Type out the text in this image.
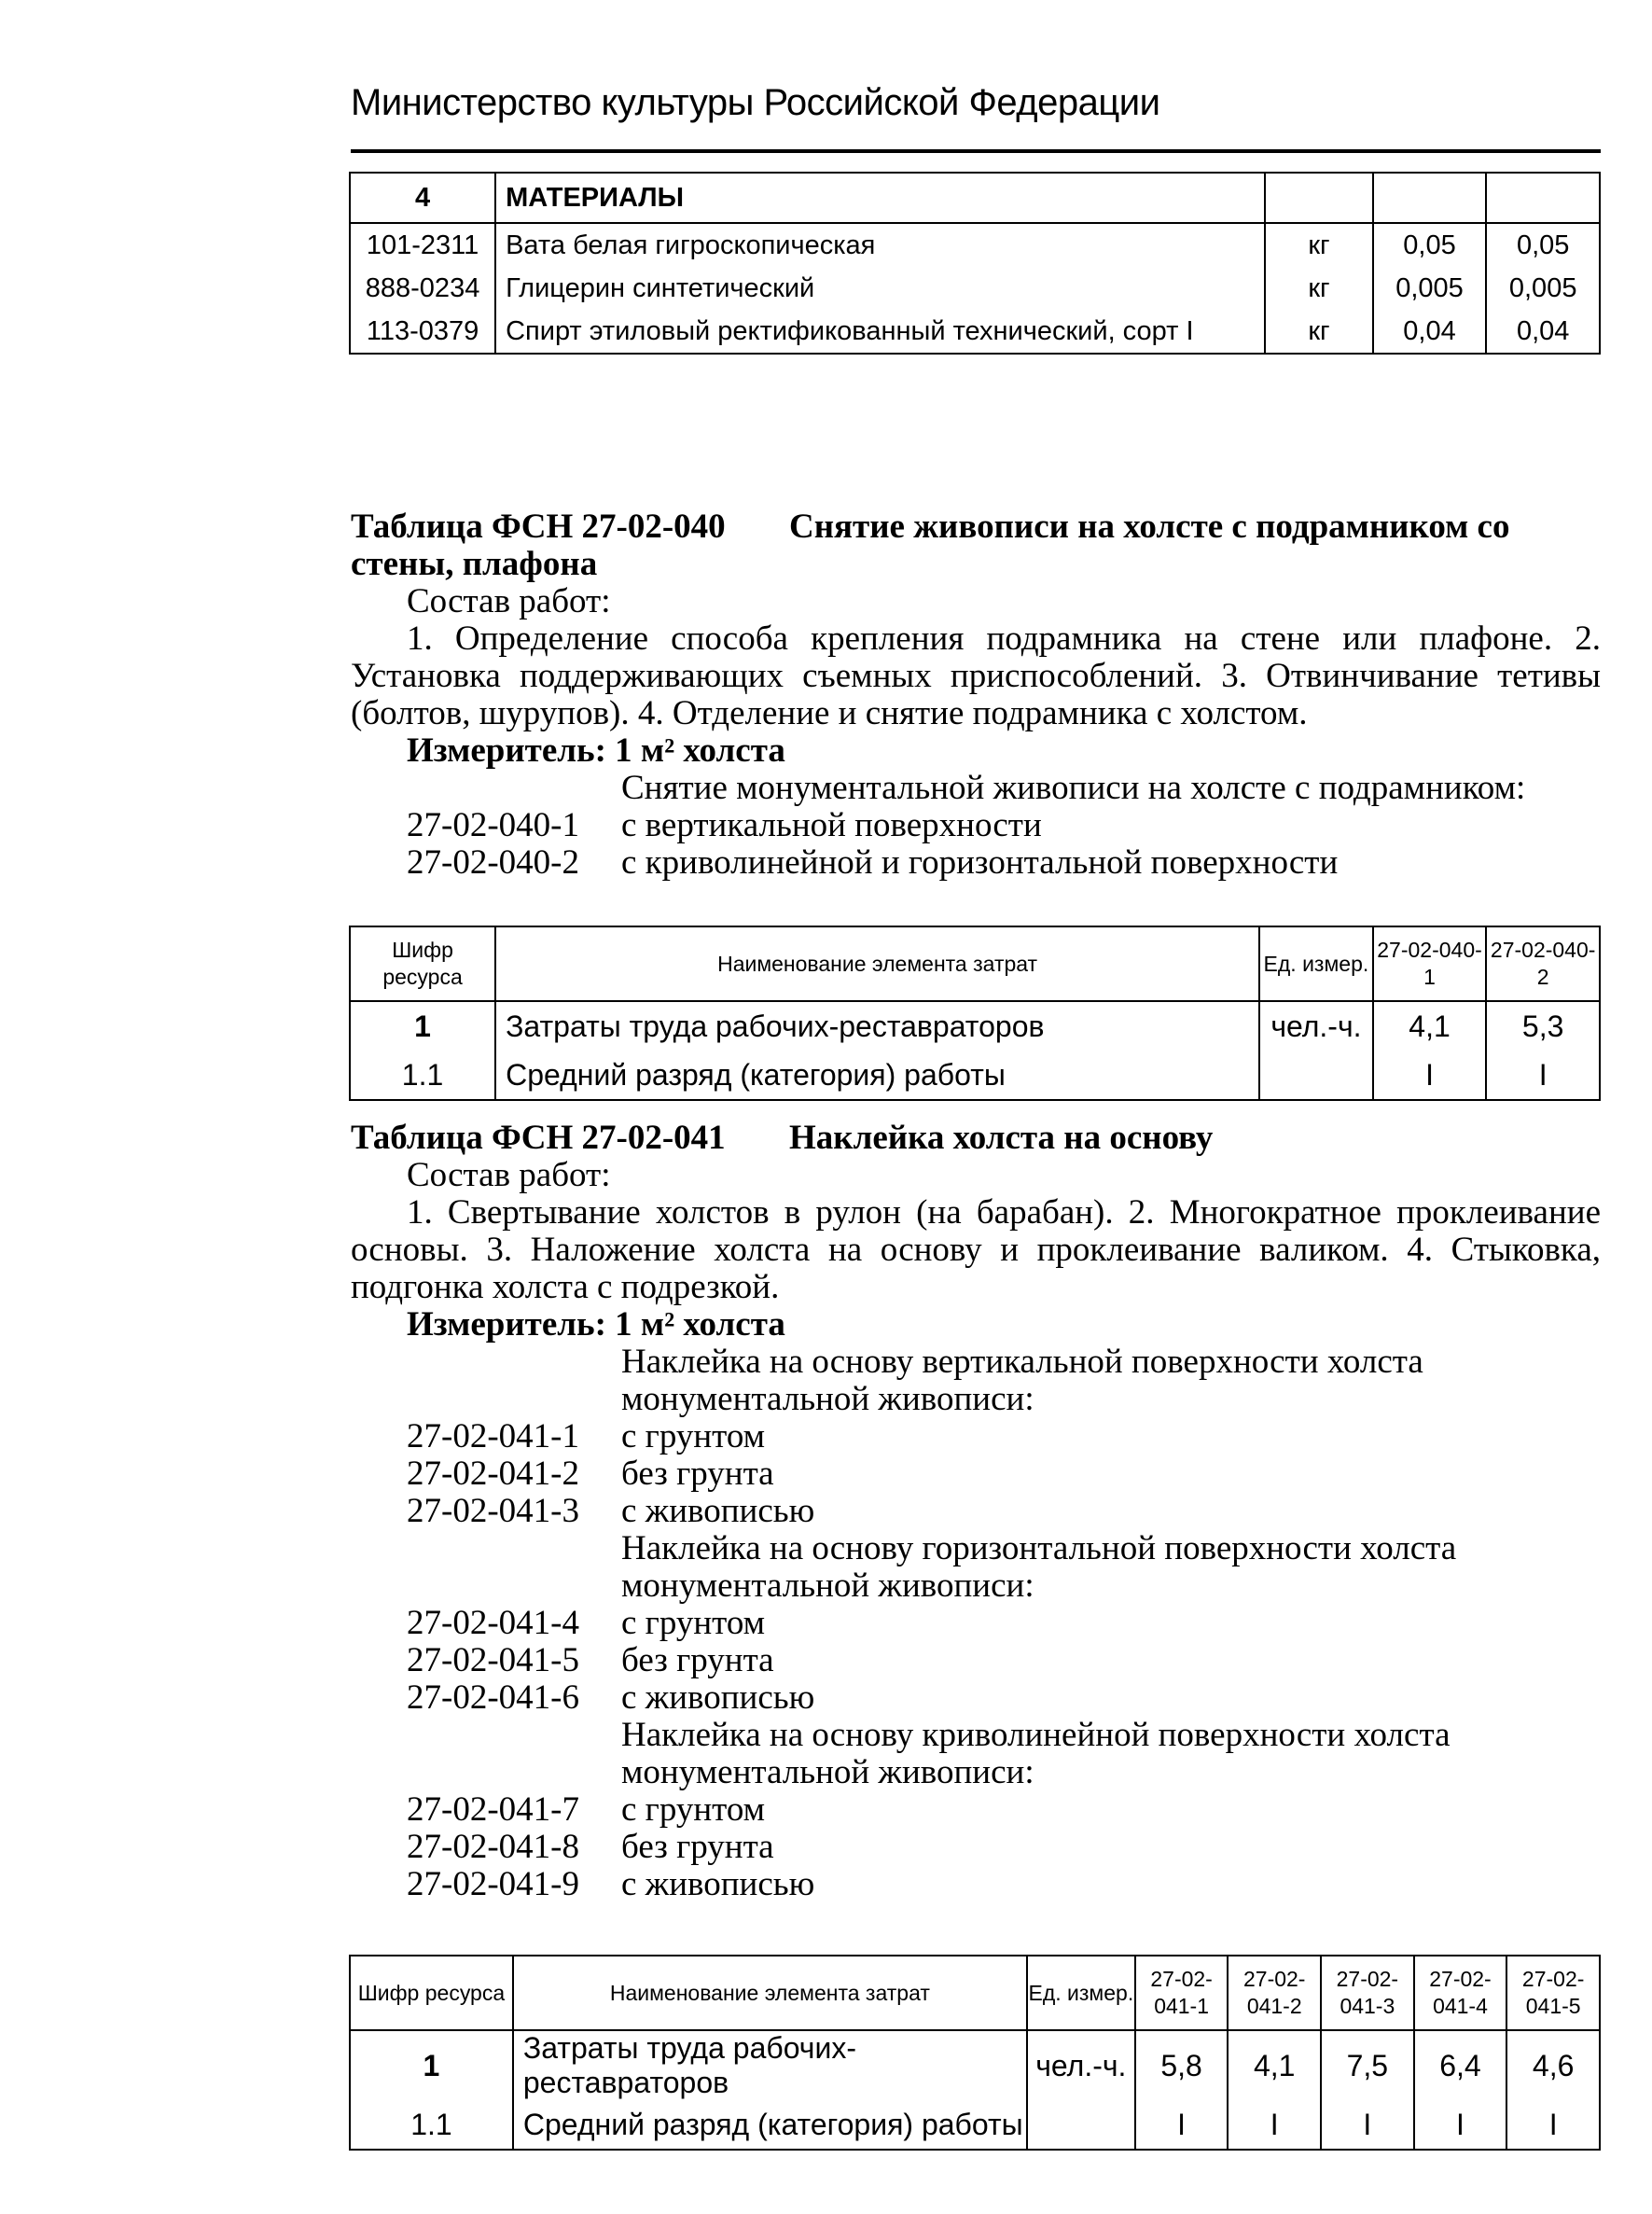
Министерство культуры Российской Федерации
4	МАТЕРИАЛЫ			
101-2311	Вата белая гигроскопическая	кг	0,05	0,05
888-0234	Глицерин синтетический	кг	0,005	0,005
113-0379	Спирт этиловый ректификованный технический, сорт I	кг	0,04	0,04

Таблица ФСН 27-02-040 Снятие живописи на холсте с подрамником со стены, плафона

Состав работ:

1. Определение способа крепления подрамника на стене или плафоне. 2. Установка поддерживающих съемных приспособлений. 3. Отвинчивание тетивы (болтов, шурупов). 4. Отделение и снятие подрамника с холстом.

Измеритель: 1 м² холста

Снятие монументальной живописи на холсте с подрамником:

27-02-040-1	с вертикальной поверхности
27-02-040-2	с криволинейной и горизонтальной поверхности
Шифр ресурса	Наименование элемента затрат	Ед. измер.	27-02-040-1	27-02-040-2
1	Затраты труда рабочих-реставраторов	чел.-ч.	4,1	5,3
1.1	Средний разряд (категория) работы		I	I

Таблица ФСН 27-02-041 Наклейка холста на основу

Состав работ:

1. Свертывание холстов в рулон (на барабан). 2. Многократное проклеивание основы. 3. Наложение холста на основу и проклеивание валиком. 4. Стыковка, подгонка холста с подрезкой.

Измеритель: 1 м² холста

Наклейка на основу вертикальной поверхности холста монументальной живописи:

27-02-041-1	с грунтом
27-02-041-2	без грунта
27-02-041-3	с живописью

Наклейка на основу горизонтальной поверхности холста монументальной живописи:

27-02-041-4	с грунтом
27-02-041-5	без грунта
27-02-041-6	с живописью

Наклейка на основу криволинейной поверхности холста монументальной живописи:

27-02-041-7	с грунтом
27-02-041-8	без грунта
27-02-041-9	с живописью
Шифр ресурса	Наименование элемента затрат	Ед. измер.	27-02-041-1	27-02-041-2	27-02-041-3	27-02-041-4	27-02-041-5
1	Затраты труда рабочих-реставраторов	чел.-ч.	5,8	4,1	7,5	6,4	4,6
1.1	Средний разряд (категория) работы		I	I	I	I	I
